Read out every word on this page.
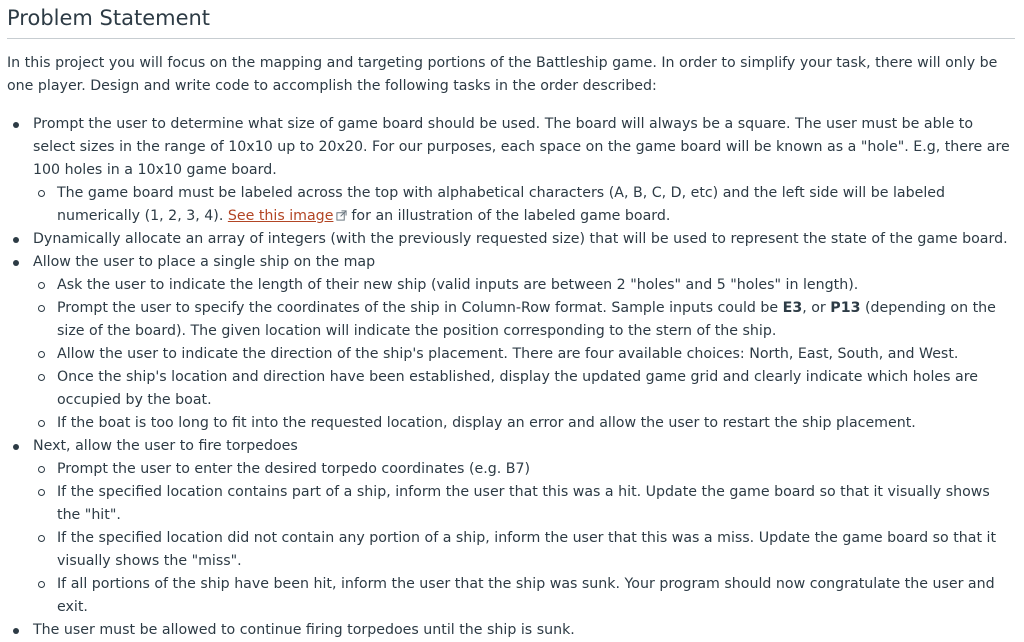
Problem Statement

In this project you will focus on the mapping and targeting portions of the Battleship game. In order to simplify your task, there will only be one player. Design and write code to accomplish the following tasks in the order described:

Prompt the user to determine what size of game board should be used. The board will always be a square. The user must be able to select sizes in the range of 10x10 up to 20x20. For our purposes, each space on the game board will be known as a "hole". E.g, there are 100 holes in a 10x10 game board.
The game board must be labeled across the top with alphabetical characters (A, B, C, D, etc) and the left side will be labeled numerically (1, 2, 3, 4). See this image for an illustration of the labeled game board.
Dynamically allocate an array of integers (with the previously requested size) that will be used to represent the state of the game board.
Allow the user to place a single ship on the map
Ask the user to indicate the length of their new ship (valid inputs are between 2 "holes" and 5 "holes" in length).
Prompt the user to specify the coordinates of the ship in Column-Row format. Sample inputs could be E3, or P13 (depending on the size of the board). The given location will indicate the position corresponding to the stern of the ship.
Allow the user to indicate the direction of the ship's placement. There are four available choices: North, East, South, and West.
Once the ship's location and direction have been established, display the updated game grid and clearly indicate which holes are occupied by the boat.
If the boat is too long to fit into the requested location, display an error and allow the user to restart the ship placement.
Next, allow the user to fire torpedoes
Prompt the user to enter the desired torpedo coordinates (e.g. B7)
If the specified location contains part of a ship, inform the user that this was a hit. Update the game board so that it visually shows the "hit".
If the specified location did not contain any portion of a ship, inform the user that this was a miss. Update the game board so that it visually shows the "miss".
If all portions of the ship have been hit, inform the user that the ship was sunk. Your program should now congratulate the user and exit.
The user must be allowed to continue firing torpedoes until the ship is sunk.
